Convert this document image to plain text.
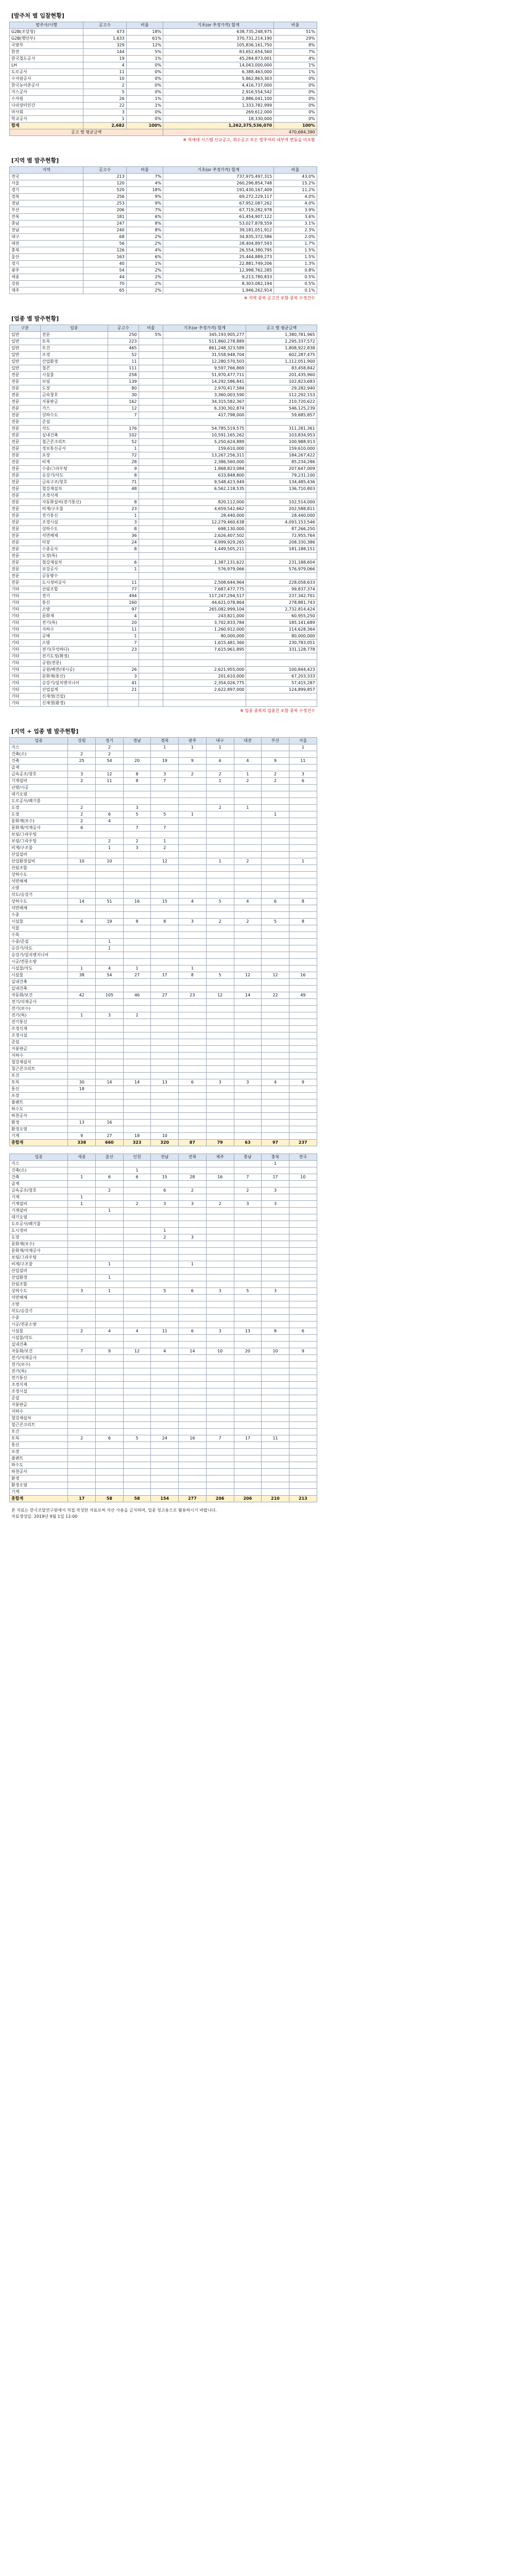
[발주처 별 입찰현황]
발주사/시행	공고수	비율	기초(or 추정가격) 합계	비율
G2B(조달청)	473	18%	638,735,248,975	51%
G2B(행안부)	1,633	61%	370,731,214,190	29%
국방부	329	12%	105,836,161,750	8%
한전	144	5%	83,652,654,560	7%
한국철도공사	19	1%	45,284,873,001	4%
LH	4	0%	14,043,000,000	1%
도로공사	11	0%	6,388,463,000	1%
수자원공사	10	0%	5,862,863,303	0%
한국농어촌공사	2	0%	4,416,737,000	0%
가스공사	5	0%	2,916,554,542	0%
수자원	26	1%	2,886,041,100	0%
나라장터민간	22	1%	1,333,782,999	0%
마사회	3	0%	269,612,000	0%
학교공사	1	0%	18,330,000	0%
합계	2,682	100%	1,262,375,536,070	100%
공고 별 평균금액			470,684,390	
※ 차세대 시스템 신규공고, 취소공고 또는 발주처의 내부적 변동을 미포함
[지역 별 발주현황]
지역	공고수	비율	기초(or 추정가격) 합계	비율
전국	213	7%	737,975,497,315	43.0%
서울	120	4%	260,296,854,748	15.2%
경기	520	18%	191,430,167,409	11.2%
경북	256	9%	69,272,229,117	4.0%
경남	253	9%	67,952,087,262	4.0%
부산	206	7%	67,719,282,978	3.9%
전북	181	6%	61,454,907,122	3.6%
충남	247	8%	53,027,878,559	3.1%
전남	240	8%	39,181,051,912	2.3%
대구	68	2%	34,835,372,586	2.0%
대전	56	2%	28,404,897,593	1.7%
충북	126	4%	26,554,380,795	1.5%
울산	163	6%	25,444,889,273	1.5%
경기	40	1%	22,881,749,206	1.3%
광주	54	2%	12,998,762,285	0.8%
세종	44	2%	9,213,780,833	0.5%
강원	70	2%	8,303,082,194	0.5%
제주	65	2%	1,946,262,914	0.1%
※ 지역 중복 공고건 포함 중복 수정건수
[업종 별 발주현황]
구분	업종	공고수	비율	기초(or 추정가격) 합계	공고 별 평균금액
일반	전문	250	5%	345,193,905,277	1,380,781,965
일반	토목	223		511,860,278,889	2,295,337,572
일반	토건	465		861,248,323,589	1,808,922,838
일반	조경	52		31,558,948,704	602,287,475
일반	산업환경	11		12,280,570,503	1,112,051,900
일반	철콘	111		9,597,766,869	83,458,842
전문	시설물	258		51,970,477,711	201,435,960
전문	보링	139		14,292,586,841	102,823,683
전문	도장	80		2,970,417,584	29,282,940
전문	금속창호	30		3,360,003,590	112,292,153
전문	지붕판금	162		34,315,582,367	210,720,622
전문	가스	12		6,330,302,874	546,125,239
전문	상하수도	7		417,798,000	59,685,857
전문	준설				
전문	삭도	176		54,785,519,575	311,281,361
전문	실내건축	102		10,591,165,262	103,834,953
전문	철근콘크리트	52		5,250,624,889	100,988,913
전문	정보통신공사	1		159,610,000	159,610,000
전문	포장	72		13,267,256,311	184,267,422
전문	비계	28		2,386,560,000	85,234,286
전문	수중/그라우팅	9		1,868,823,084	207,647,009
전문	승강기/삭도	8		633,848,800	79,231,100
전문	금속구조/창호	71		9,548,423,949	134,485,436
전문	철강재설치	48		6,562,118,535	136,710,803
전문	조경식재				
전문	자동화설비(전기통신)	8		820,112,000	102,514,000
전문	비계/구조물	23		4,659,542,662	202,588,811
전문	전기통신	1		28,440,000	28,440,000
전문	조경시설	3		12,279,460,638	4,093,153,546
전문	상하수도	8		698,130,000	87,266,250
전문	석면해체	36		2,626,407,502	72,955,764
전문	미장	24		4,999,929,265	208,330,386
전문	수중공사	8		1,449,505,211	181,188,151
전문	도장(특)				
전문	철강재설치	6		1,387,131,622	231,188,604
전문	보강공사	1		576,979,066	576,979,066
전문	공동방수				
전문	도시정비공사	11		2,508,644,964	228,058,633
기타	산림조합	77		7,687,477,775	99,837,374
기타	전기	494		117,247,294,517	237,342,701
기타	통신	160		44,621,078,864	278,881,743
기타	소방	97		265,082,999,104	2,732,814,424
기타	문화재	4		243,821,000	60,955,250
기타	전기(특)	20		3,702,833,784	185,141,689
기타	지하수	11		1,260,912,000	114,628,364
기타	공해	1		80,000,000	80,000,000
기타	소방	7		1,615,481,360	230,783,051
기타	전기(무엇하다)	23		7,615,961,895	331,128,778
기타	전기도정(확정)				
기타	공원(전문)				
기타	공원/배전(대시공)	26		2,621,955,000	100,844,423
기타	문화재(통신)	3		201,610,000	67,203,333
기타	승강기/설치엔지니어	41		2,354,026,775	57,415,287
기타	산업설계	21		2,622,897,000	124,899,857
기타	신재생(건설)				
기타	신재생(환경)				
※ 업종 중복의 업종건 포함 중복 수정건수
[지역 + 업종 별 발주현황]
업종	강원	경기	경남	경북	광주	대구	대전	부산	서울
가스		2		1	1	1			1
건축(소)	2	2							
건축	25	54	20	19	9	6	4	9	11
골재									
금속공조/창호	3	12	8	3	2	2	1	2	3
기계설비	2	11	8	7		1	2	2	6
난방/시공									
대기오염									
도로공사/폐기물									
도장	2		3			2	1		
도장	2	6	5	5	1			1	
문화재(보수)	2	4							
문화재/석재공사	6		7	7					
보링/그라우팅									
보링/그라우팅		2	2	1					
비계/구조물		1	3	2					
산업설비									
산업환경설비	10	10		12		1	2		1
산림조합									
상하수도									
석면해체									
소방									
삭도/승강기									
상하수도	14	51	16	15	4	5	4	6	8
석면해체									
수중									
시설물	6	19	8	8	3	2	2	5	8
식물									
수목									
수중/준설		1							
승강기/삭도		1							
승강기/설치엔지니어									
시공/전문소방									
시설물/삭도	1	4	1		1				
시설물	38	54	27	17	8	5	12	12	16
실내건축									
실내건축									
자동화/보건	42	105	46	27	23	12	14	22	49
전기/석재공사									
전기(보수)									
전기(특)	1	3	2						
전기통신									
조경식재									
조경시설									
준설									
지붕판금									
지하수									
철강재설치									
철근콘크리트									
토건									
토목	30	14	14	13	6	3	3	4	9
통신	18								
포장									
플랜트									
하수도									
하천공사									
환경	13	16							
환경오염									
기계	9	27	18	10					
총합계	338	660	323	320	87	79	63	97	237
업종	세종	울산	인천	전남	전북	제주	충남	충북	전국
가스								1	
건축(소)			1						
건축	1	6	6	15	28	16	7	17	10
골재									
금속공조/창호		2		6	2		2	3	
기계	1								
기계설비	1		2	3	3	2	3	3	
기계설비		1							
대기오염									
도로공사/폐기물									
도시정비				1					
도장				2	3				
문화재(보수)									
문화재/석재공사									
보링/그라우팅									
비계/구조물		1			1				
산업설비									
산업환경		1							
산림조합									
상하수도	3	1		5	6	3	5	3	
석면해체									
소방									
삭도/승강기									
수중									
시공/전문소방									
시설물	2	4	4	11	6	3	13	8	6
시설물/삭도									
실내건축									
자동화/보건	7	9	12	4	14	10	20	10	9
전기/석재공사									
전기(보수)									
전기(특)									
전기통신									
조경식재									
조경시설									
준설									
지붕판금									
지하수									
철강재설치									
철근콘크리트									
토건									
토목	2	6	5	24	16	7	17	11	
통신									
포장									
플랜트									
하수도									
하천공사									
환경									
환경오염									
기계									
총합계	17	58	58	154	277	206	206	210	213
본 자료는 한국조달연구원에서 직접 작성한 자료로써 자산 사용을 금지하며, 업종 정고용으로 활용하시기 바랍니다.
자료생성일: 2019년 9월 1일 12:00
